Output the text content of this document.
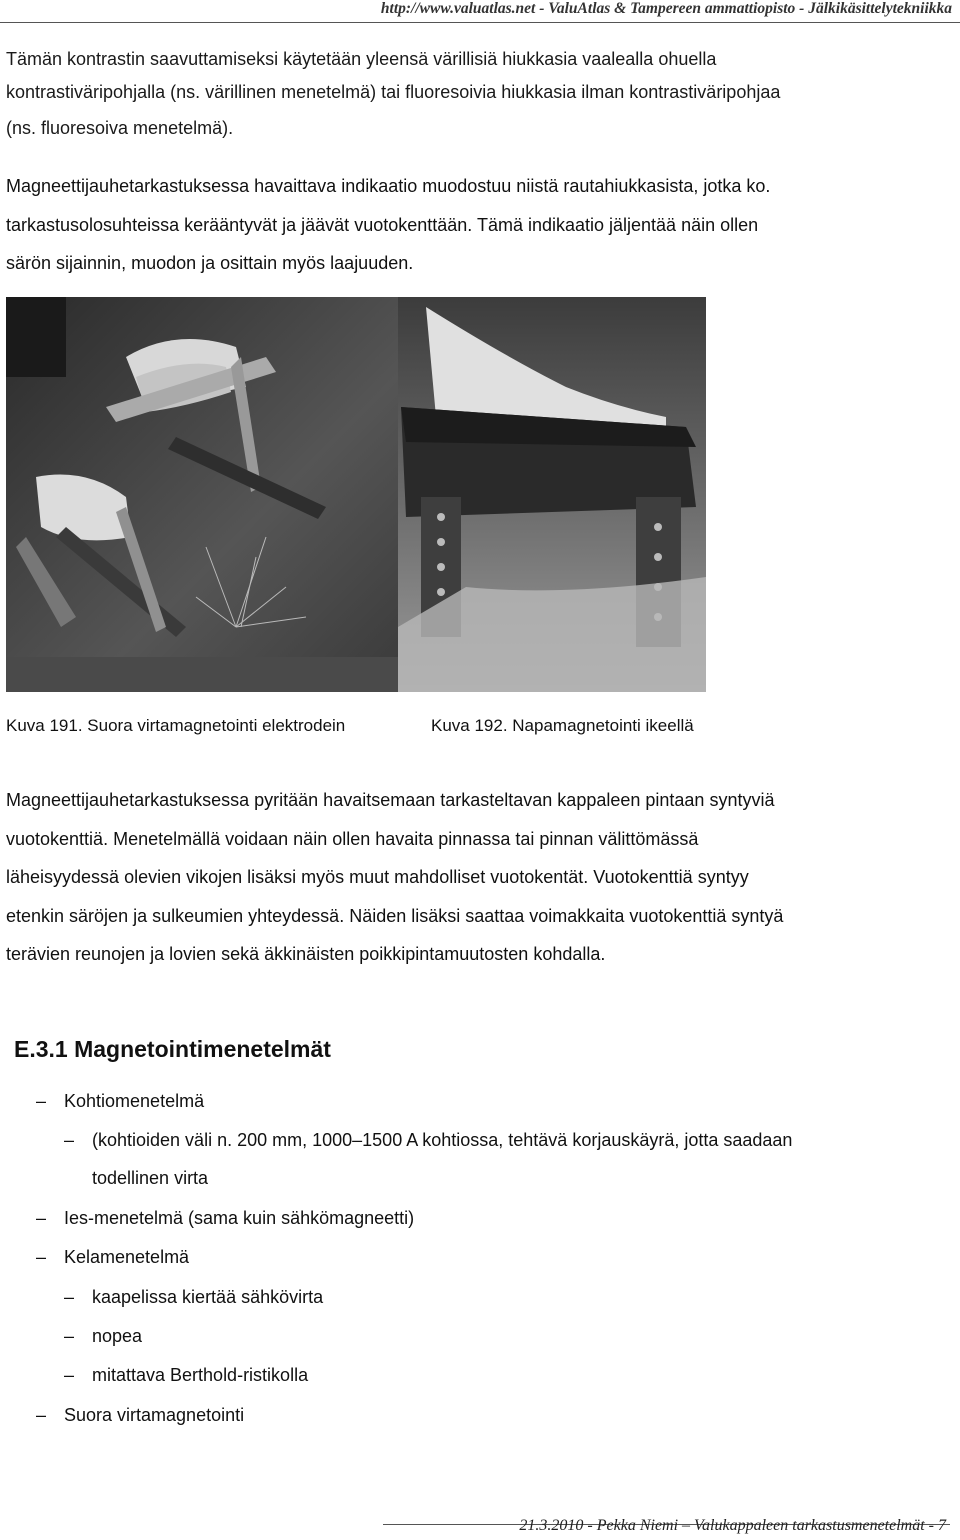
http://www.valuatlas.net - ValuAtlas & Tampereen ammattiopisto - Jälkikäsittelytekniikka
Tämän kontrastin saavuttamiseksi käytetään yleensä värillisiä hiukkasia vaalealla ohuella
kontrastiväripohjalla (ns. värillinen menetelmä) tai fluoresoivia hiukkasia ilman kontrastiväripohjaa
(ns. fluoresoiva menetelmä).
Magneettijauhetarkastuksessa havaittava indikaatio muodostuu niistä rautahiukkasista, jotka ko.
tarkastusolosuhteissa kerääntyvät ja jäävät vuotokenttään. Tämä indikaatio jäljentää näin ollen
särön sijainnin, muodon ja osittain myös laajuuden.
Kuva 191. Suora virtamagnetointi elektrodein	Kuva 192. Napamagnetointi ikeellä
Magneettijauhetarkastuksessa pyritään havaitsemaan tarkasteltavan kappaleen pintaan syntyviä
vuotokenttiä. Menetelmällä voidaan näin ollen havaita pinnassa tai pinnan välittömässä
läheisyydessä olevien vikojen lisäksi myös muut mahdolliset vuotokentät. Vuotokenttiä syntyy
etenkin säröjen ja sulkeumien yhteydessä. Näiden lisäksi saattaa voimakkaita vuotokenttiä syntyä
terävien reunojen ja lovien sekä äkkinäisten poikkipintamuutosten kohdalla.
E.3.1 Magnetointimenetelmät
– Kohtiomenetelmä
– (kohtioiden väli n. 200 mm, 1000–1500 A kohtiossa, tehtävä korjauskäyrä, jotta saadaan
todellinen virta
– Ies-menetelmä (sama kuin sähkömagneetti)
– Kelamenetelmä
– kaapelissa kiertää sähkövirta
– nopea
– mitattava Berthold-ristikolla
– Suora virtamagnetointi
21.3.2010 - Pekka Niemi – Valukappaleen tarkastusmenetelmät - 7
